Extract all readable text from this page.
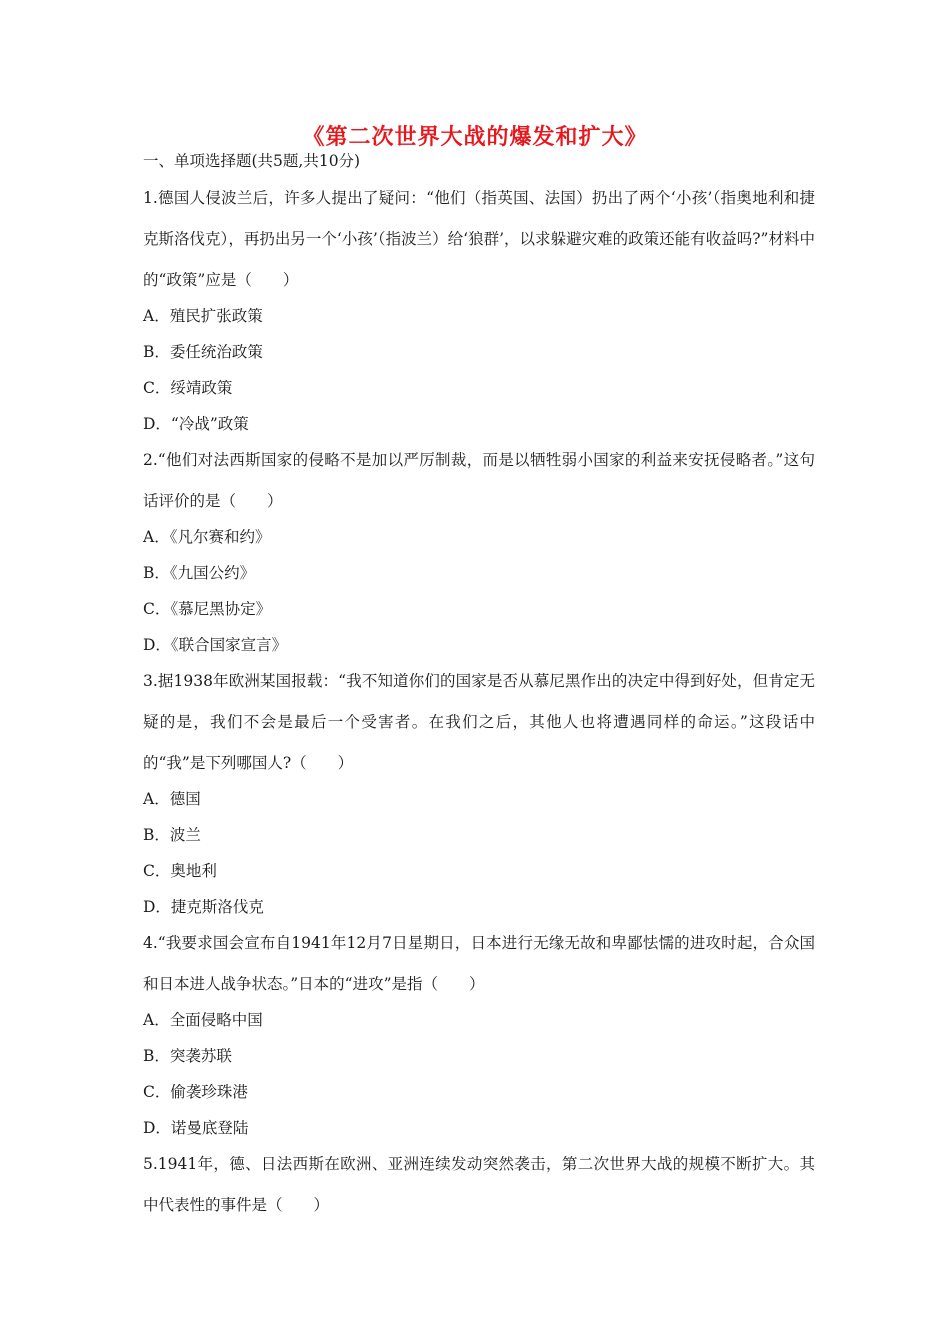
《第二次世界大战的爆发和扩大》
一、单项选择题(共5题,共10分)
1.德国人侵波兰后，许多人提出了疑问：“他们（指英国、法国）扔出了两个‘小孩’（指奥地利和捷克斯洛伐克），再扔出另一个‘小孩’（指波兰）给‘狼群’，以求躲避灾难的政策还能有收益吗?”材料中的“政策”应是（　　）
A．殖民扩张政策
B．委任统治政策
C．绥靖政策
D．“冷战”政策
2.“他们对法西斯国家的侵略不是加以严厉制裁，而是以牺牲弱小国家的利益来安抚侵略者。”这句话评价的是（　　）
A．《凡尔赛和约》
B．《九国公约》
C．《慕尼黑协定》
D．《联合国家宣言》
3.据1938年欧洲某国报载：“我不知道你们的国家是否从慕尼黑作出的决定中得到好处，但肯定无疑的是，我们不会是最后一个受害者。在我们之后，其他人也将遭遇同样的命运。”这段话中的“我”是下列哪国人?（　　）
A．德国
B．波兰
C．奥地利
D．捷克斯洛伐克
4.“我要求国会宣布自1941年12月7日星期日，日本进行无缘无故和卑鄙怯懦的进攻时起，合众国和日本进人战争状态。”日本的“进攻”是指（　　）
A．全面侵略中国
B．突袭苏联
C．偷袭珍珠港
D．诺曼底登陆
5.1941年，德、日法西斯在欧洲、亚洲连续发动突然袭击，第二次世界大战的规模不断扩大。其中代表性的事件是（　　）
